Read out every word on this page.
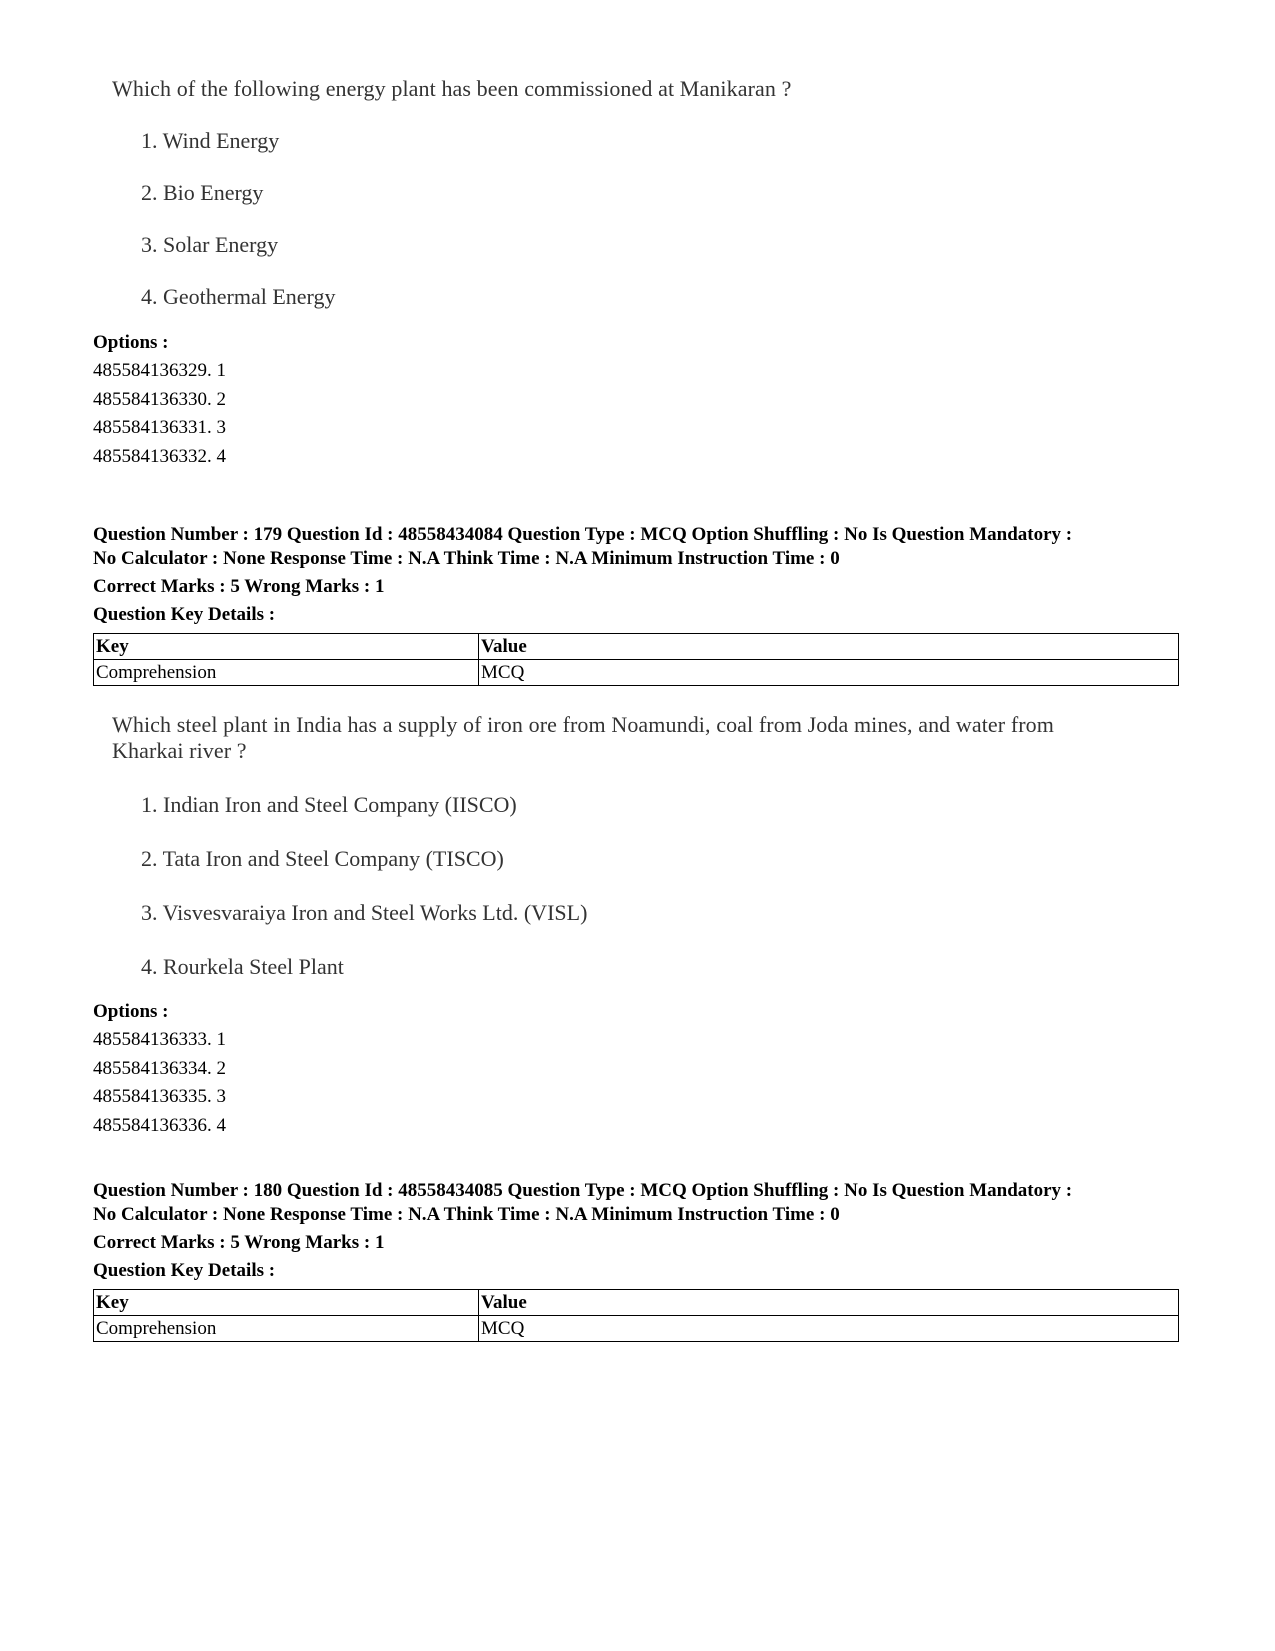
Which of the following energy plant has been commissioned at Manikaran ?
1. Wind Energy
2. Bio Energy
3. Solar Energy
4. Geothermal Energy
Options :
485584136329. 1
485584136330. 2
485584136331. 3
485584136332. 4
Question Number : 179 Question Id : 48558434084 Question Type : MCQ Option Shuffling : No Is Question Mandatory :
No Calculator : None Response Time : N.A Think Time : N.A Minimum Instruction Time : 0
Correct Marks : 5 Wrong Marks : 1
Question Key Details :
Key	Value
Comprehension	MCQ
Which steel plant in India has a supply of iron ore from Noamundi, coal from Joda mines, and water from
Kharkai river ?
1. Indian Iron and Steel Company (IISCO)
2. Tata Iron and Steel Company (TISCO)
3. Visvesvaraiya Iron and Steel Works Ltd. (VISL)
4. Rourkela Steel Plant
Options :
485584136333. 1
485584136334. 2
485584136335. 3
485584136336. 4
Question Number : 180 Question Id : 48558434085 Question Type : MCQ Option Shuffling : No Is Question Mandatory :
No Calculator : None Response Time : N.A Think Time : N.A Minimum Instruction Time : 0
Correct Marks : 5 Wrong Marks : 1
Question Key Details :
Key	Value
Comprehension	MCQ
